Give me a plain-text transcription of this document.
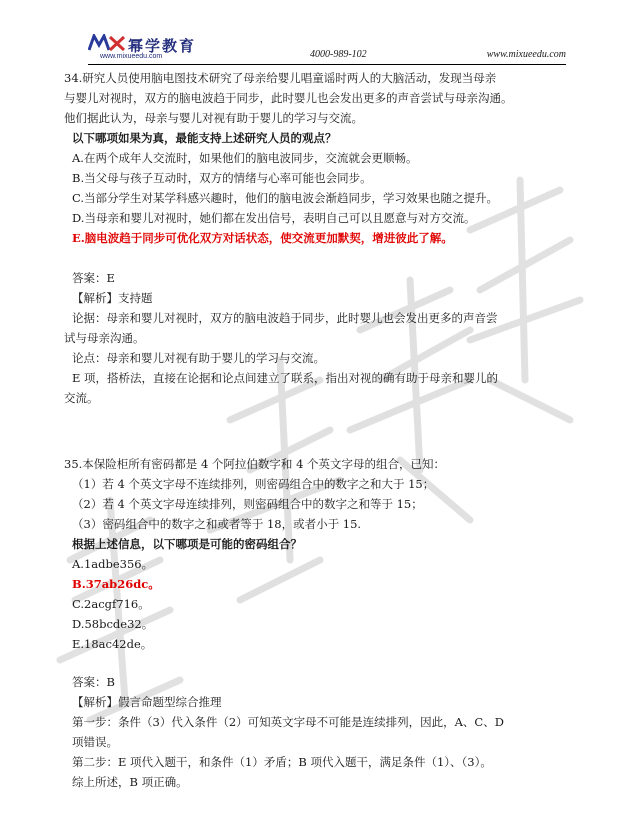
幂学教育
www.mixueedu.com	4000-989-102	www.mixueedu.com
34.研究人员使用脑电图技术研究了母亲给婴儿唱童谣时两人的大脑活动，发现当母亲
与婴儿对视时，双方的脑电波趋于同步，此时婴儿也会发出更多的声音尝试与母亲沟通。
他们据此认为，母亲与婴儿对视有助于婴儿的学习与交流。
以下哪项如果为真，最能支持上述研究人员的观点？
A.在两个成年人交流时，如果他们的脑电波同步，交流就会更顺畅。
B.当父母与孩子互动时，双方的情绪与心率可能也会同步。
C.当部分学生对某学科感兴趣时，他们的脑电波会渐趋同步，学习效果也随之提升。
D.当母亲和婴儿对视时，她们都在发出信号，表明自己可以且愿意与对方交流。
E.脑电波趋于同步可优化双方对话状态，使交流更加默契，增进彼此了解。
答案：E
【解析】支持题
论据：母亲和婴儿对视时，双方的脑电波趋于同步，此时婴儿也会发出更多的声音尝
试与母亲沟通。
论点：母亲和婴儿对视有助于婴儿的学习与交流。
E 项，搭桥法，直接在论据和论点间建立了联系，指出对视的确有助于母亲和婴儿的
交流。
35.本保险柜所有密码都是 4 个阿拉伯数字和 4 个英文字母的组合，已知：
（1）若 4 个英文字母不连续排列，则密码组合中的数字之和大于 15；
（2）若 4 个英文字母连续排列，则密码组合中的数字之和等于 15；
（3）密码组合中的数字之和或者等于 18，或者小于 15.
根据上述信息，以下哪项是可能的密码组合？
A.1adbe356。
B.37ab26dc。
C.2acgf716。
D.58bcde32。
E.18ac42de。
答案：B
【解析】假言命题型综合推理
第一步：条件（3）代入条件（2）可知英文字母不可能是连续排列，因此，A、C、D
项错误。
第二步：E 项代入题干，和条件（1）矛盾；B 项代入题干，满足条件（1）、（3）。
综上所述，B 项正确。
